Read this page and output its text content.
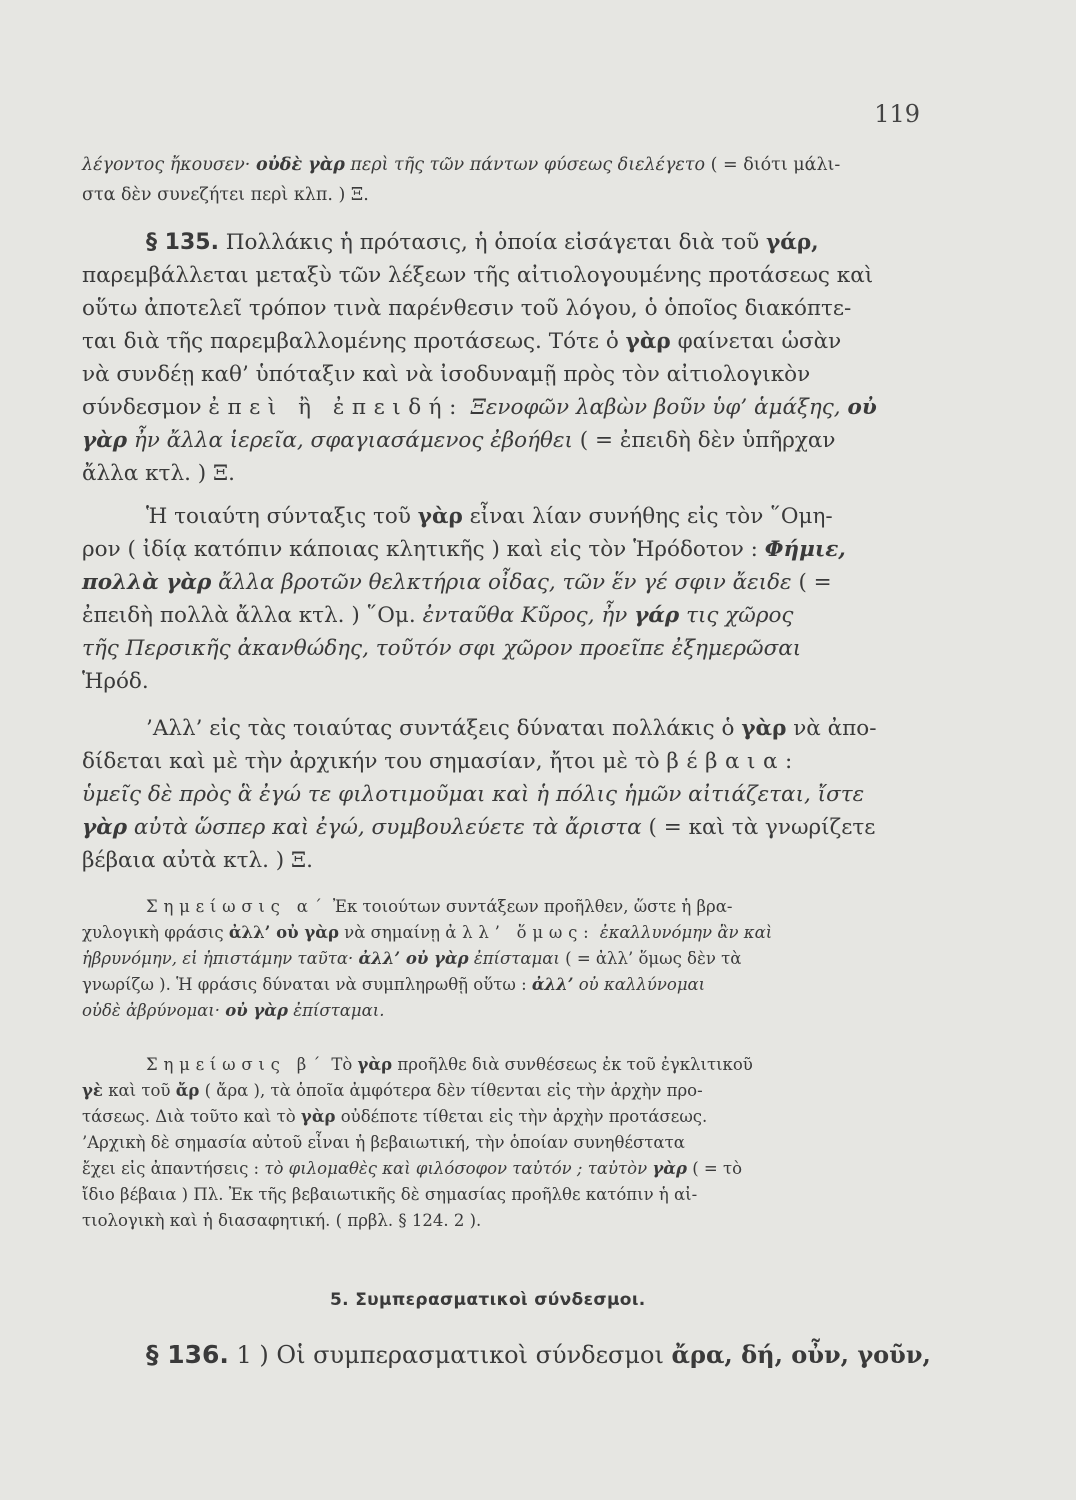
119
λέγοντος ἤκουσεν· οὐδὲ γὰρ περὶ τῆς τῶν πάντων φύσεως διελέγετο ( = διότι μάλι-
στα δὲν συνεζήτει περὶ κλπ. ) Ξ.
§ 135. Πολλάκις ἡ πρότασις, ἡ ὁποία εἰσάγεται διὰ τοῦ γάρ,
παρεμβάλλεται μεταξὺ τῶν λέξεων τῆς αἰτιολογουμένης προτάσεως καὶ
οὕτω ἀποτελεῖ τρόπον τινὰ παρένθεσιν τοῦ λόγου, ὁ ὁποῖος διακόπτε-
ται διὰ τῆς παρεμβαλλομένης προτάσεως. Τότε ὁ γὰρ φαίνεται ὡσὰν
νὰ συνδέῃ καθ’ ὑπόταξιν καὶ νὰ ἰσοδυναμῇ πρὸς τὸν αἰτιολογικὸν
σύνδεσμον ἐπεὶ ἢ ἐπειδή: Ξενοφῶν λαβὼν βοῦν ὑφ’ ἁμάξης, οὐ
γὰρ ἦν ἄλλα ἱερεῖα, σφαγιασάμενος ἐβοήθει ( = ἐπειδὴ δὲν ὑπῆρχαν
ἄλλα κτλ. ) Ξ.
Ἡ τοιαύτη σύνταξις τοῦ γὰρ εἶναι λίαν συνήθης εἰς τὸν ῞Ομη-
ρον ( ἰδίᾳ κατόπιν κάποιας κλητικῆς ) καὶ εἰς τὸν Ἡρόδοτον : Φήμιε,
πολλὰ γὰρ ἄλλα βροτῶν θελκτήρια οἶδας, τῶν ἕν γέ σφιν ἄειδε ( =
ἐπειδὴ πολλὰ ἄλλα κτλ. ) ῞Ομ. ἐνταῦθα Κῦρος, ἦν γάρ τις χῶρος
τῆς Περσικῆς ἀκανθώδης, τοῦτόν σφι χῶρον προεῖπε ἐξημερῶσαι
Ἡρόδ.
’Αλλ’ εἰς τὰς τοιαύτας συντάξεις δύναται πολλάκις ὁ γὰρ νὰ ἀπο-
δίδεται καὶ μὲ τὴν ἀρχικήν του σημασίαν, ἤτοι μὲ τὸ βέβαια:
ὑμεῖς δὲ πρὸς ἃ ἐγώ τε φιλοτιμοῦμαι καὶ ἡ πόλις ἡμῶν αἰτιάζεται, ἴστε
γὰρ αὐτὰ ὥσπερ καὶ ἐγώ, συμβουλεύετε τὰ ἄριστα ( = καὶ τὰ γνωρίζετε
βέβαια αὐτὰ κτλ. ) Ξ.
Σημείωσις α΄ Ἐκ τοιούτων συντάξεων προῆλθεν, ὥστε ἡ βρα-
χυλογικὴ φράσις ἀλλ’ οὐ γὰρ νὰ σημαίνῃ ἀλλ’ ὅμως: ἐκαλλυνόμην ἂν καὶ
ἡβρυνόμην, εἰ ἠπιστάμην ταῦτα· ἀλλ’ οὐ γὰρ ἐπίσταμαι ( = ἀλλ’ ὅμως δὲν τὰ
γνωρίζω ). Ἡ φράσις δύναται νὰ συμπληρωθῇ οὕτω : ἀλλ’ οὐ καλλύνομαι
οὐδὲ ἀβρύνομαι· οὐ γὰρ ἐπίσταμαι.
Σημείωσις β΄ Τὸ γὰρ προῆλθε διὰ συνθέσεως ἐκ τοῦ ἐγκλιτικοῦ
γὲ καὶ τοῦ ἄρ ( ἄρα ), τὰ ὁποῖα ἀμφότερα δὲν τίθενται εἰς τὴν ἀρχὴν προ-
τάσεως. Διὰ τοῦτο καὶ τὸ γὰρ οὐδέποτε τίθεται εἰς τὴν ἀρχὴν προτάσεως.
’Αρχικὴ δὲ σημασία αὐτοῦ εἶναι ἡ βεβαιωτική, τὴν ὁποίαν συνηθέστατα
ἔχει εἰς ἀπαντήσεις : τὸ φιλομαθὲς καὶ φιλόσοφον ταὐτόν ; ταὐτὸν γὰρ ( = τὸ
ἴδιο βέβαια ) Πλ. Ἐκ τῆς βεβαιωτικῆς δὲ σημασίας προῆλθε κατόπιν ἡ αἰ-
τιολογικὴ καὶ ἡ διασαφητική. ( πρβλ. § 124. 2 ).
5. Συμπερασματικοὶ σύνδεσμοι.
§ 136. 1 ) Οἱ συμπερασματικοὶ σύνδεσμοι ἄρα, δή, οὖν, γοῦν,
